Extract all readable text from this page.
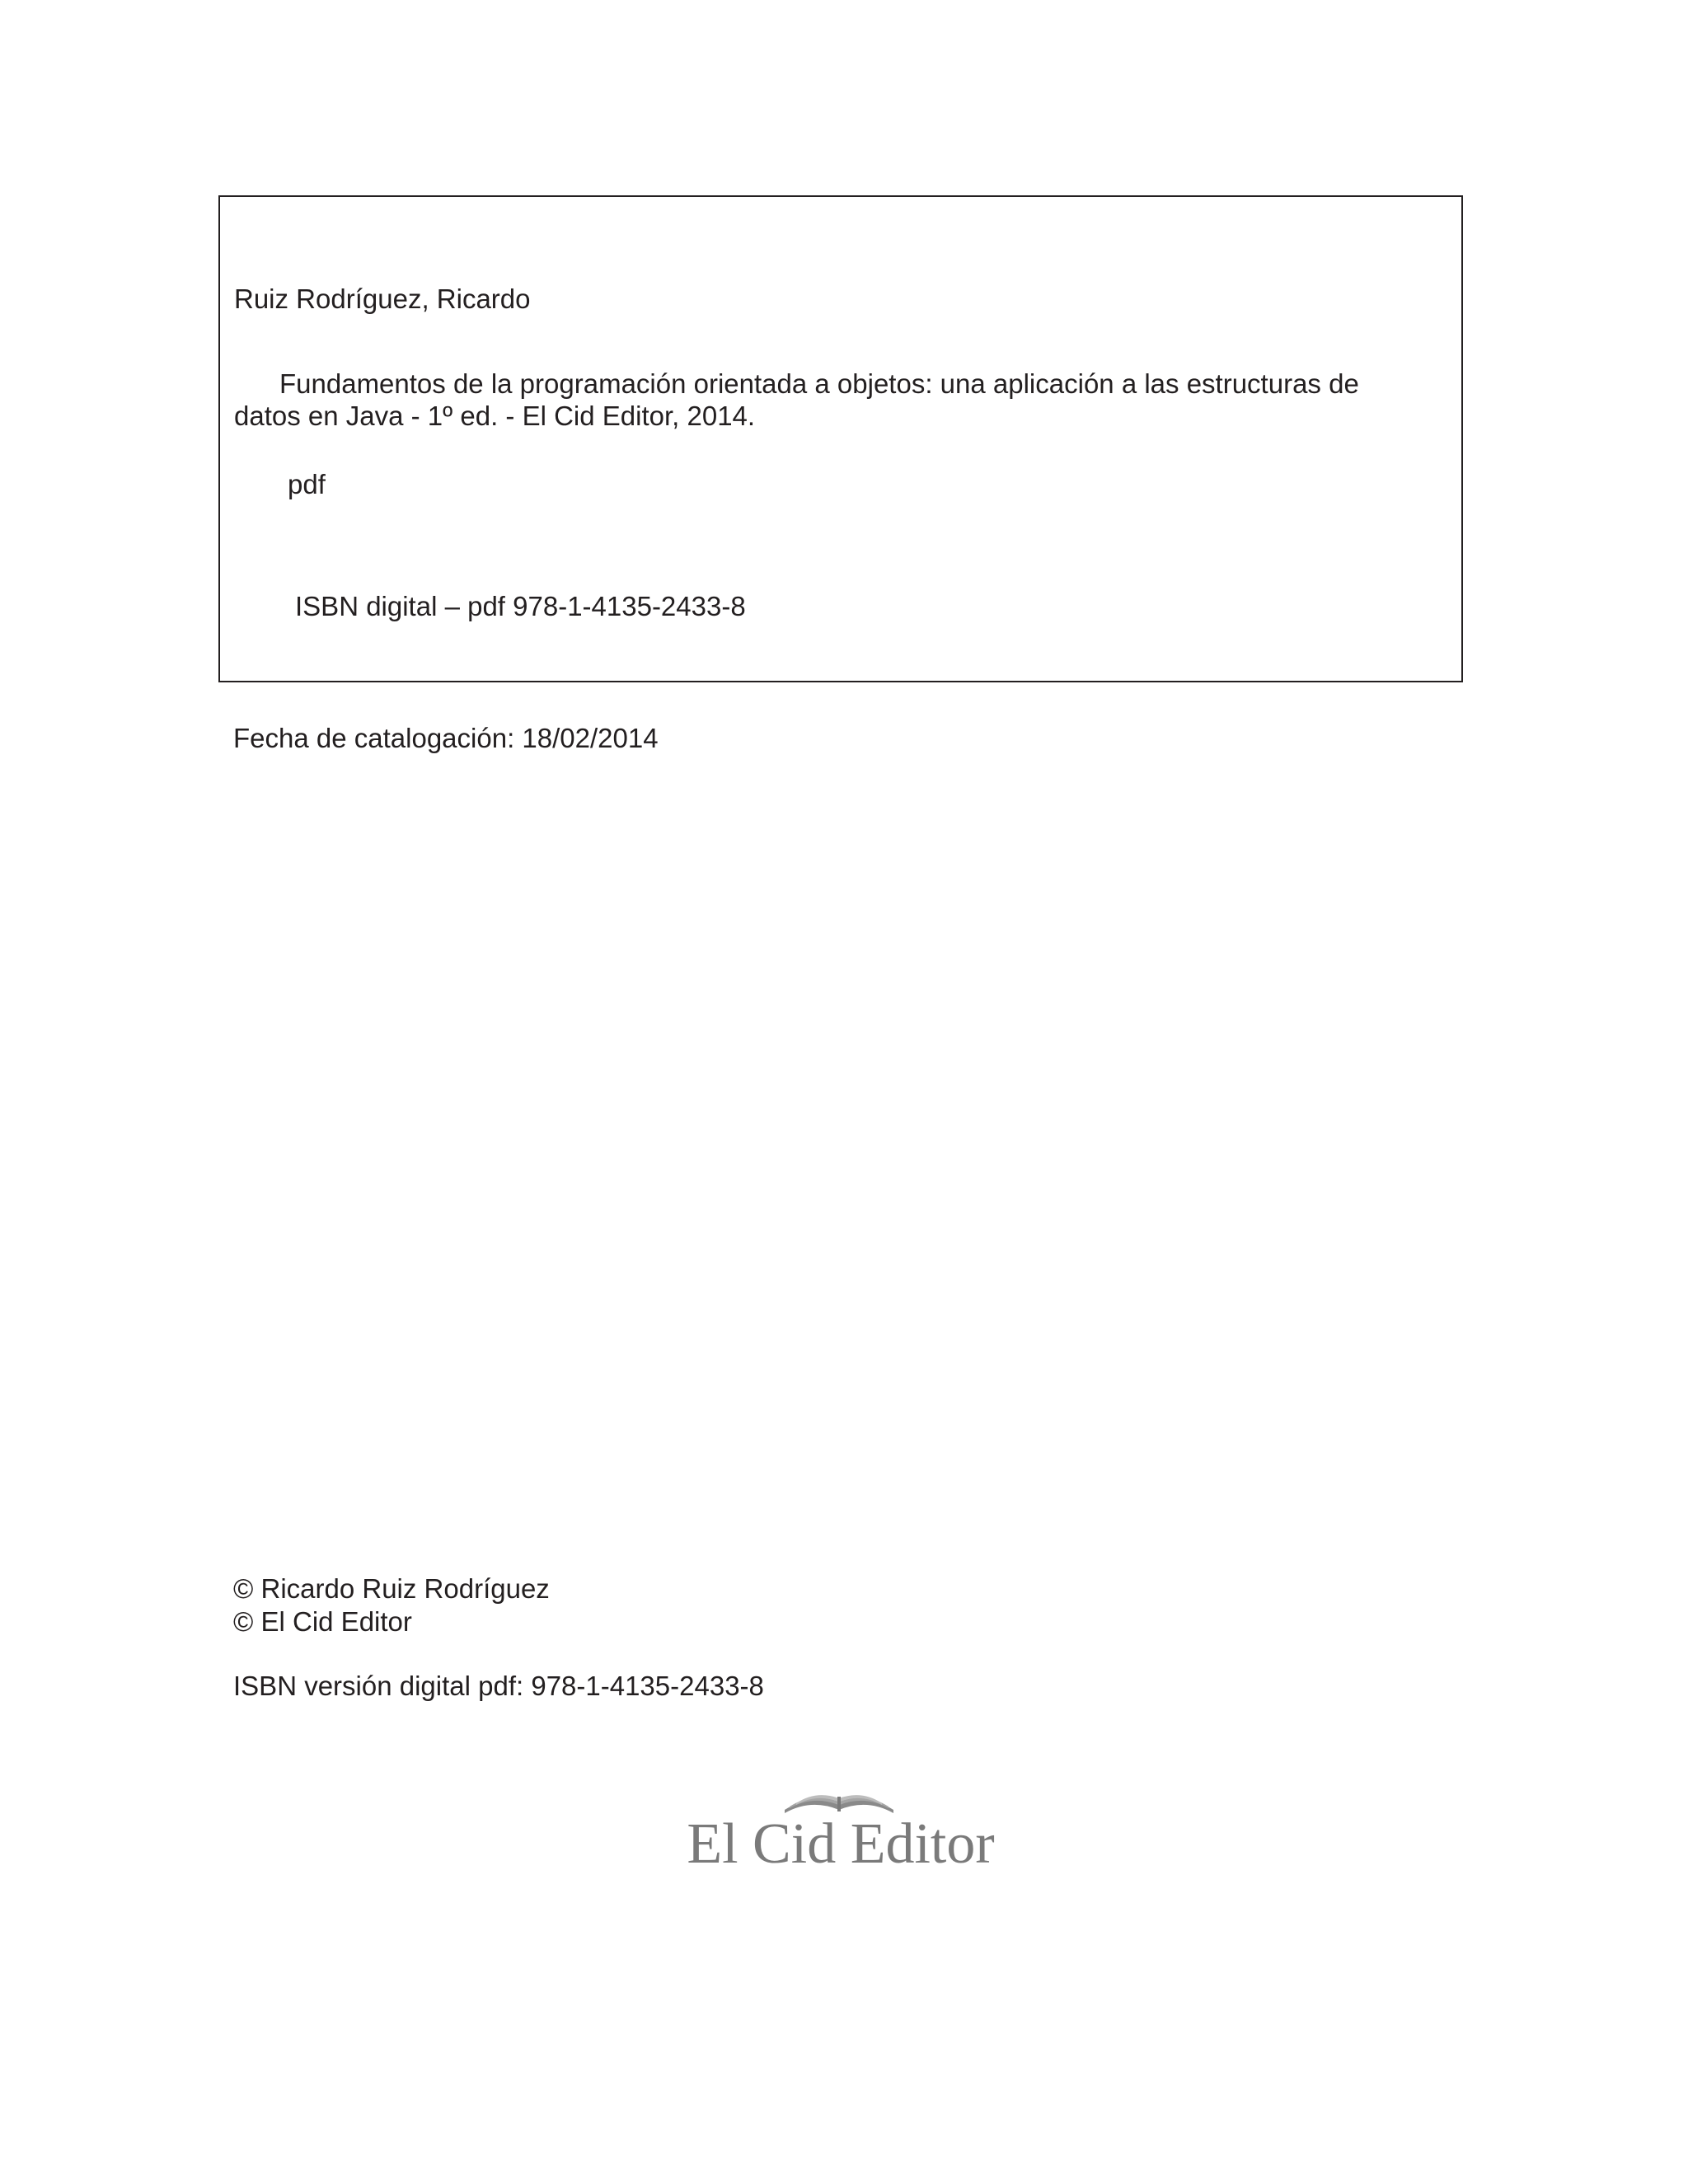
Ruiz Rodríguez, Ricardo

Fundamentos de la programación orientada a objetos: una aplicación a las estructuras de

datos en Java - 1º ed. - El Cid Editor, 2014.

pdf

ISBN digital – pdf 978-1-4135-2433-8

Fecha de catalogación: 18/02/2014

© Ricardo Ruiz Rodríguez

© El Cid Editor

ISBN versión digital pdf: 978-1-4135-2433-8

El Cid Editor
